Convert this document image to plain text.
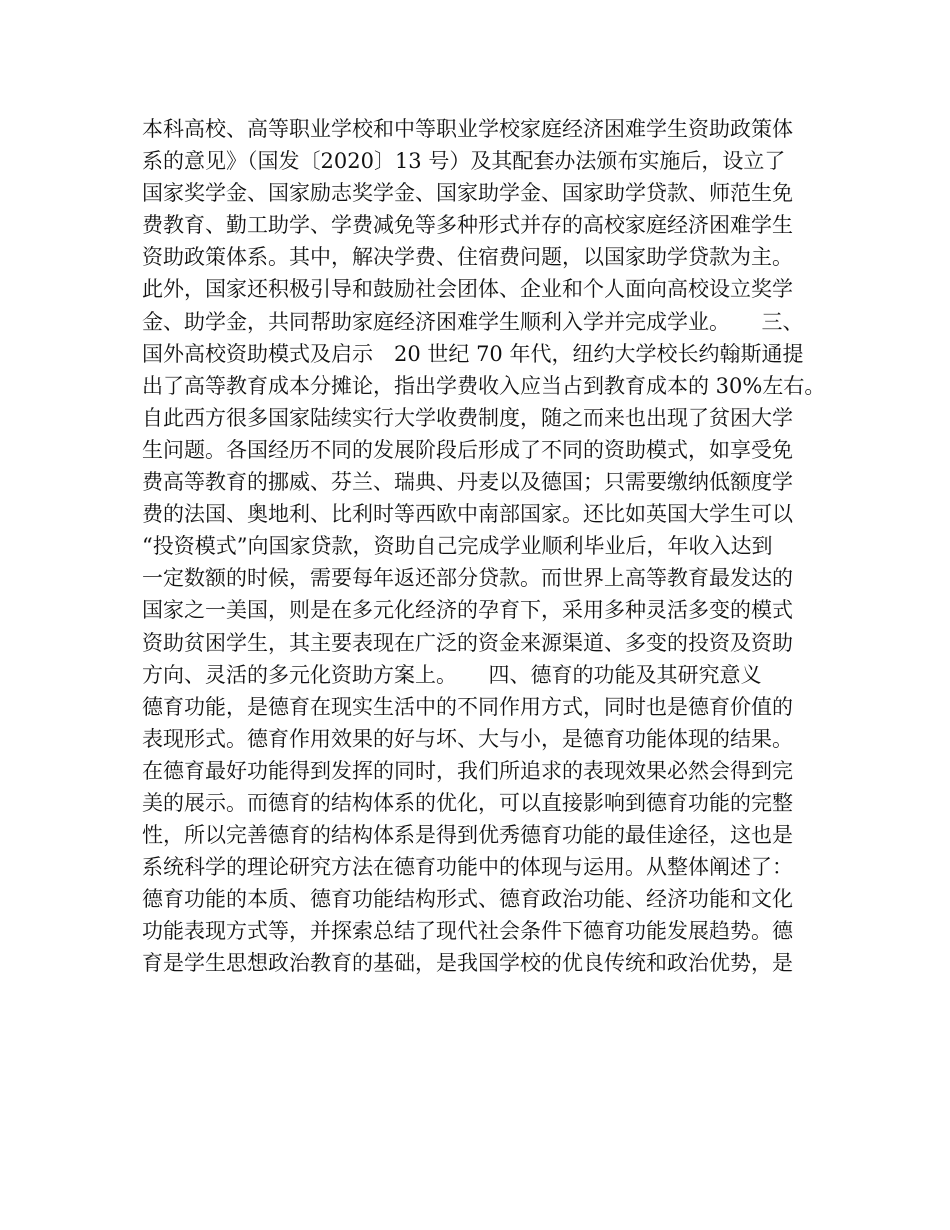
本科高校、高等职业学校和中等职业学校家庭经济困难学生资助政策体
系的意见》（国发〔2020〕13 号）及其配套办法颁布实施后，设立了
国家奖学金、国家励志奖学金、国家助学金、国家助学贷款、师范生免
费教育、勤工助学、学费减免等多种形式并存的高校家庭经济困难学生
资助政策体系。其中，解决学费、住宿费问题，以国家助学贷款为主。
此外，国家还积极引导和鼓励社会团体、企业和个人面向高校设立奖学
金、助学金，共同帮助家庭经济困难学生顺利入学并完成学业。　　三、
国外高校资助模式及启示　20 世纪 70 年代，纽约大学校长约翰斯通提
出了高等教育成本分摊论，指出学费收入应当占到教育成本的 30%左右。
自此西方很多国家陆续实行大学收费制度，随之而来也出现了贫困大学
生问题。各国经历不同的发展阶段后形成了不同的资助模式，如享受免
费高等教育的挪威、芬兰、瑞典、丹麦以及德国；只需要缴纳低额度学
费的法国、奥地利、比利时等西欧中南部国家。还比如英国大学生可以
“投资模式”向国家贷款，资助自己完成学业顺利毕业后，年收入达到
一定数额的时候，需要每年返还部分贷款。而世界上高等教育最发达的
国家之一美国，则是在多元化经济的孕育下，采用多种灵活多变的模式
资助贫困学生，其主要表现在广泛的资金来源渠道、多变的投资及资助
方向、灵活的多元化资助方案上。　　四、德育的功能及其研究意义
德育功能，是德育在现实生活中的不同作用方式，同时也是德育价值的
表现形式。德育作用效果的好与坏、大与小，是德育功能体现的结果。
在德育最好功能得到发挥的同时，我们所追求的表现效果必然会得到完
美的展示。而德育的结构体系的优化，可以直接影响到德育功能的完整
性，所以完善德育的结构体系是得到优秀德育功能的最佳途径，这也是
系统科学的理论研究方法在德育功能中的体现与运用。从整体阐述了：
德育功能的本质、德育功能结构形式、德育政治功能、经济功能和文化
功能表现方式等，并探索总结了现代社会条件下德育功能发展趋势。德
育是学生思想政治教育的基础，是我国学校的优良传统和政治优势，是
